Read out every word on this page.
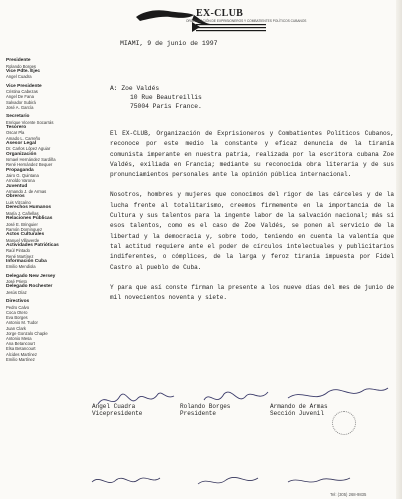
EX-CLUB
ORGANIZACIÓN DE EXPRISIONEROS Y COMBATIENTES POLÍTICOS CUBANOS
Presidente
Rolando Borges
Vice Pdte. Ejec
Angel Cuadra
Vice Presidente
Cristina Cabezas
Angel De Fana
Salvador Subirá
José A. García
Secretario
Enrique Vicente Socarrás
Tesorero
Oscar Pla
Amado L. Carreño
Asesor Legal
Dr. Carlos López Aguiar
Organización
Ismael Hernández Sardiña
René Hernández Bequer
Propaganda
Jairo G. Quintana
Arnoldo Varona
Juventud
Armando J. de Armas
Obreros
Luis Vizcaíno
Derechos Humanos
María J. Cañellas
Relaciones Públicas
José E. Bringuier
Ramón Domínguez
Actos Culturales
Manuel Villaverde
Actividades Patrióticas
Raúl Pintado
René Martínez
Información Cuba
Emilio Mendiola
Delegado New Jersey
José Prieto
Delegado Rochester
Jesús Díaz
Directivos
Pedro Calvo
Coca Otero
Eva Borges
Antonio M. Tudor
Juan Clark
Jorge Gonzalo Chaple
Antonio Mesa
Ana Betancourt
Elsa Betancourt
Alcides Martínez
Emilio Martínez
MIAMI, 9 de junio de 1997
A: Zoe Valdés
10 Rue Beautreillis
75004 Paris France.

El EX-CLUB, Organización de Exprisioneros y Combatientes Políticos Cubanos, reconoce por este medio la constante y eficaz denuncia de la tiranía comunista imperante en nuestra patria, realizada por la escritora cubana Zoe Valdés, exiliada en Francia; mediante su reconocida obra literaria y de sus pronunciamientos personales ante la opinión pública internacional.

Nosotros, hombres y mujeres que conocimos del rigor de las cárceles y de la lucha frente al totalitarismo, creemos firmemente en la importancia de la Cultura y sus talentos para la ingente labor de la salvación nacional; más si esos talentos, como es el caso de Zoe Valdés, se ponen al servicio de la libertad y la democracia y, sobre todo, teniendo en cuenta la valentía que tal actitud requiere ante el poder de círculos intelectuales y publicitarios indiferentes, o cómplices, de la larga y feroz tiranía impuesta por Fidel Castro al pueblo de Cuba.

Y para que así conste firman la presente a los nueve días del mes de junio de mil novecientos noventa y siete.

Angel Cuadra
Vicepresidente
Rolando Borges
Presidente
Armando de Armas
Sección Juvenil
Tel: (305) 268-9835
